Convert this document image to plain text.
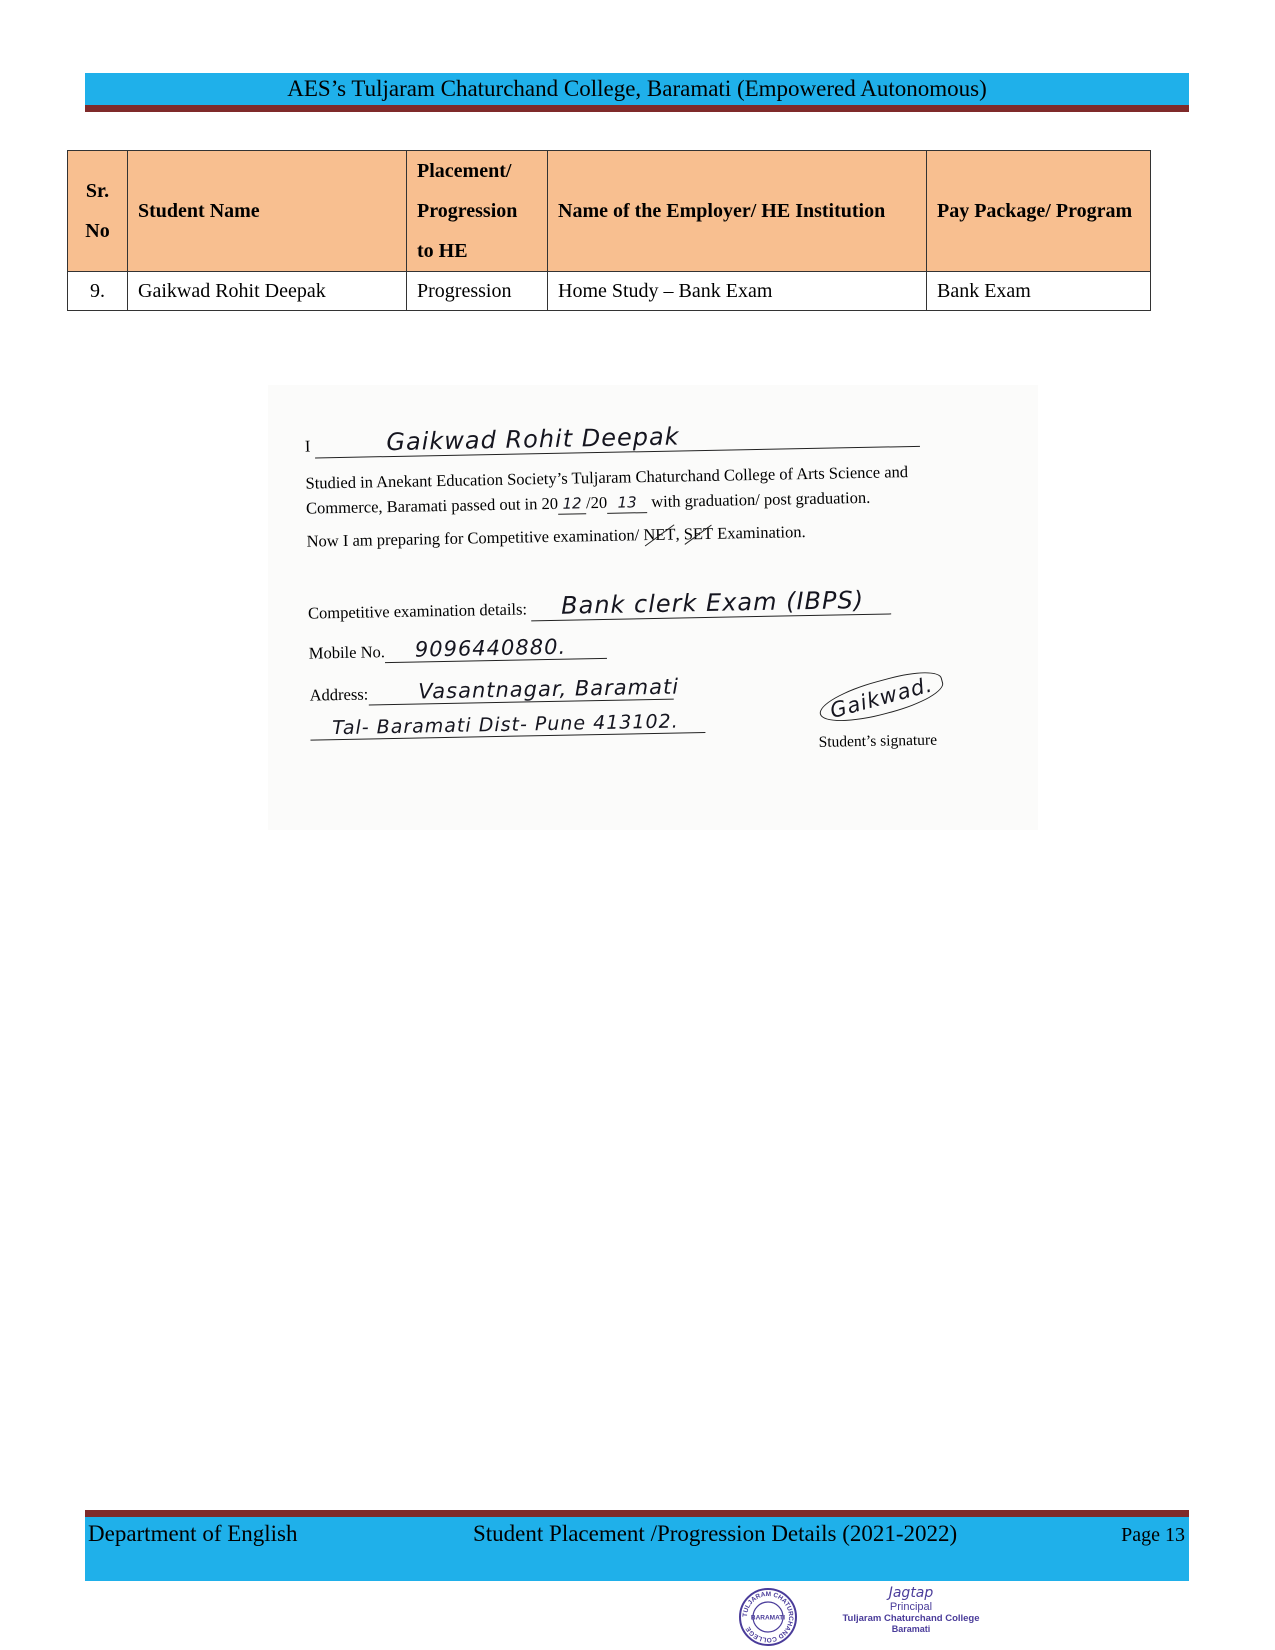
AES’s Tuljaram Chaturchand College, Baramati (Empowered Autonomous)
Sr. No	Student Name	Placement/ Progression to HE	Name of the Employer/ HE Institution	Pay Package/ Program
9.	Gaikwad Rohit Deepak	Progression	Home Study – Bank Exam	Bank Exam
I	Gaikwad Rohit Deepak
Studied in Anekant Education Society’s Tuljaram Chaturchand College of Arts Science and
Commerce, Baramati passed out in 20 12 /20 13 with graduation/ post graduation.
Now I am preparing for Competitive examination/ NET, SET Examination.
Competitive examination details: Bank clerk Exam (IBPS)
Mobile No. 9096440880.
Address: Vasantnagar, Baramati
Tal- Baramati Dist- Pune 413102.
Gaikwad.
Student’s signature
Department of English	Student Placement /Progression Details (2021-2022)	Page 13
TULJARAM CHATURCHAND COLLEGE
BARAMATI
Jagtap
Principal
Tuljaram Chaturchand College
Baramati
